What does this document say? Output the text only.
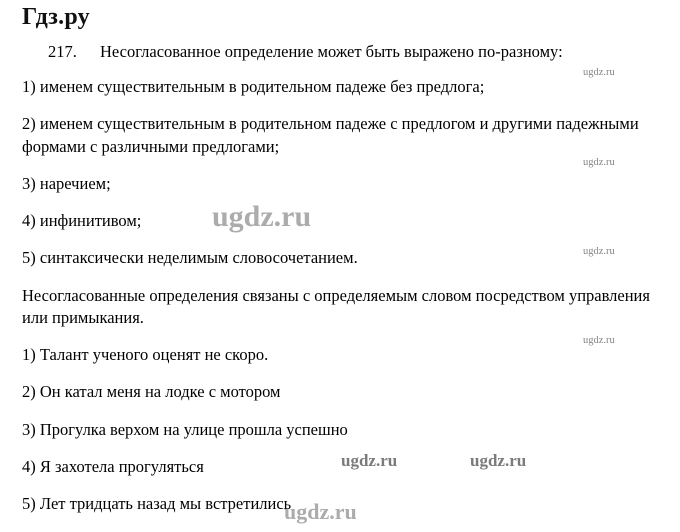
Гдз.ру
217.	Несогласованное определение может быть выражено по-разному:

1) именем существительным в родительном падеже без предлога;

2) именем существительным в родительном падеже с предлогом и другими падежными формами с различными предлогами;

3) наречием;

4) инфинитивом;

5) синтаксически неделимым словосочетанием.

Несогласованные определения связаны с определяемым словом посредством управления или примыкания.

1) Талант ученого оценят не скоро.

2) Он катал меня на лодке с мотором

3) Прогулка верхом на улице прошла успешно

4) Я захотела прогуляться

5) Лет тридцать назад мы встретились

ugdz.ru
ugdz.ru
ugdz.ru
ugdz.ru
ugdz.ru
ugdz.ru	ugdz.ru
ugdz.ru
